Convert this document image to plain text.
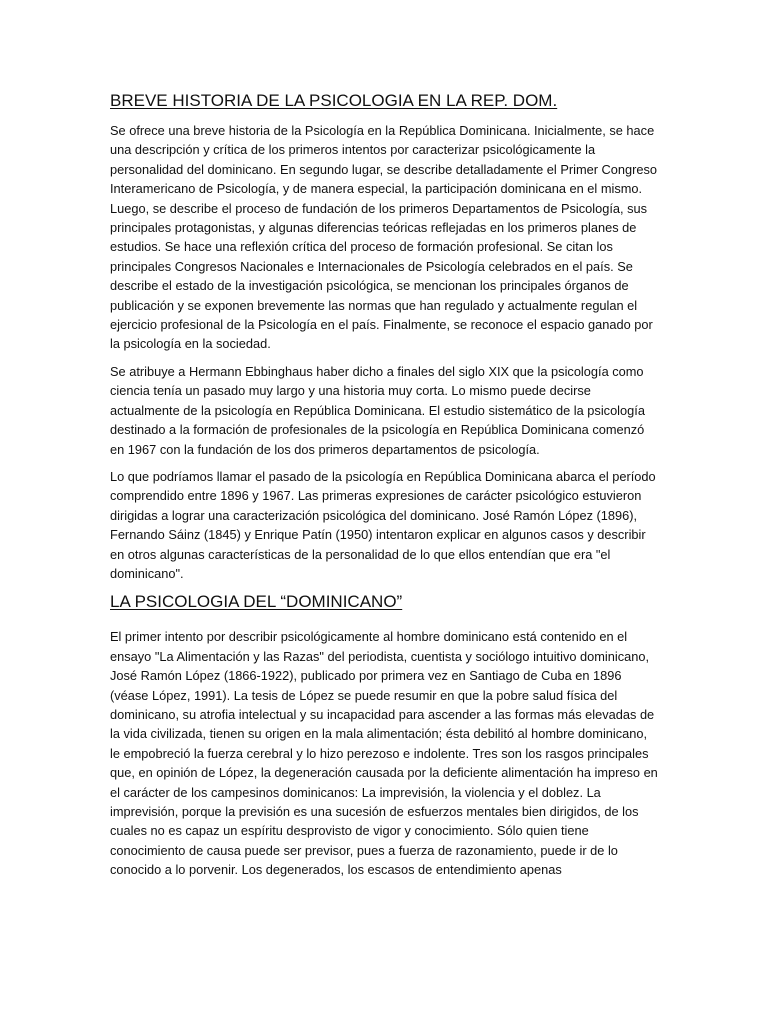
BREVE HISTORIA DE LA PSICOLOGIA EN LA REP. DOM.

Se ofrece una breve historia de la Psicología en la República Dominicana. Inicialmente, se hace una descripción y crítica de los primeros intentos por caracterizar psicológicamente la personalidad del dominicano. En segundo lugar, se describe detalladamente el Primer Congreso Interamericano de Psicología, y de manera especial, la participación dominicana en el mismo. Luego, se describe el proceso de fundación de los primeros Departamentos de Psicología, sus principales protagonistas, y algunas diferencias teóricas reflejadas en los primeros planes de estudios. Se hace una reflexión crítica del proceso de formación profesional. Se citan los principales Congresos Nacionales e Internacionales de Psicología celebrados en el país. Se describe el estado de la investigación psicológica, se mencionan los principales órganos de publicación y se exponen brevemente las normas que han regulado y actualmente regulan el ejercicio profesional de la Psicología en el país. Finalmente, se reconoce el espacio ganado por la psicología en la sociedad.

Se atribuye a Hermann Ebbinghaus haber dicho a finales del siglo XIX que la psicología como ciencia tenía un pasado muy largo y una historia muy corta. Lo mismo puede decirse actualmente de la psicología en República Dominicana. El estudio sistemático de la psicología destinado a la formación de profesionales de la psicología en República Dominicana comenzó en 1967 con la fundación de los dos primeros departamentos de psicología.

Lo que podríamos llamar el pasado de la psicología en República Dominicana abarca el período comprendido entre 1896 y 1967. Las primeras expresiones de carácter psicológico estuvieron dirigidas a lograr una caracterización psicológica del dominicano. José Ramón López (1896), Fernando Sáinz (1845) y Enrique Patín (1950) intentaron explicar en algunos casos y describir en otros algunas características de la personalidad de lo que ellos entendían que era "el dominicano".

LA PSICOLOGIA DEL “DOMINICANO”

El primer intento por describir psicológicamente al hombre dominicano está contenido en el ensayo "La Alimentación y las Razas" del periodista, cuentista y sociólogo intuitivo dominicano, José Ramón López (1866-1922), publicado por primera vez en Santiago de Cuba en 1896 (véase López, 1991). La tesis de López se puede resumir en que la pobre salud física del dominicano, su atrofia intelectual y su incapacidad para ascender a las formas más elevadas de la vida civilizada, tienen su origen en la mala alimentación; ésta debilitó al hombre dominicano, le empobreció la fuerza cerebral y lo hizo perezoso e indolente. Tres son los rasgos principales que, en opinión de López, la degeneración causada por la deficiente alimentación ha impreso en el carácter de los campesinos dominicanos: La imprevisión, la violencia y el doblez. La imprevisión, porque la previsión es una sucesión de esfuerzos mentales bien dirigidos, de los cuales no es capaz un espíritu desprovisto de vigor y conocimiento. Sólo quien tiene conocimiento de causa puede ser previsor, pues a fuerza de razonamiento, puede ir de lo conocido a lo porvenir. Los degenerados, los escasos de entendimiento apenas
